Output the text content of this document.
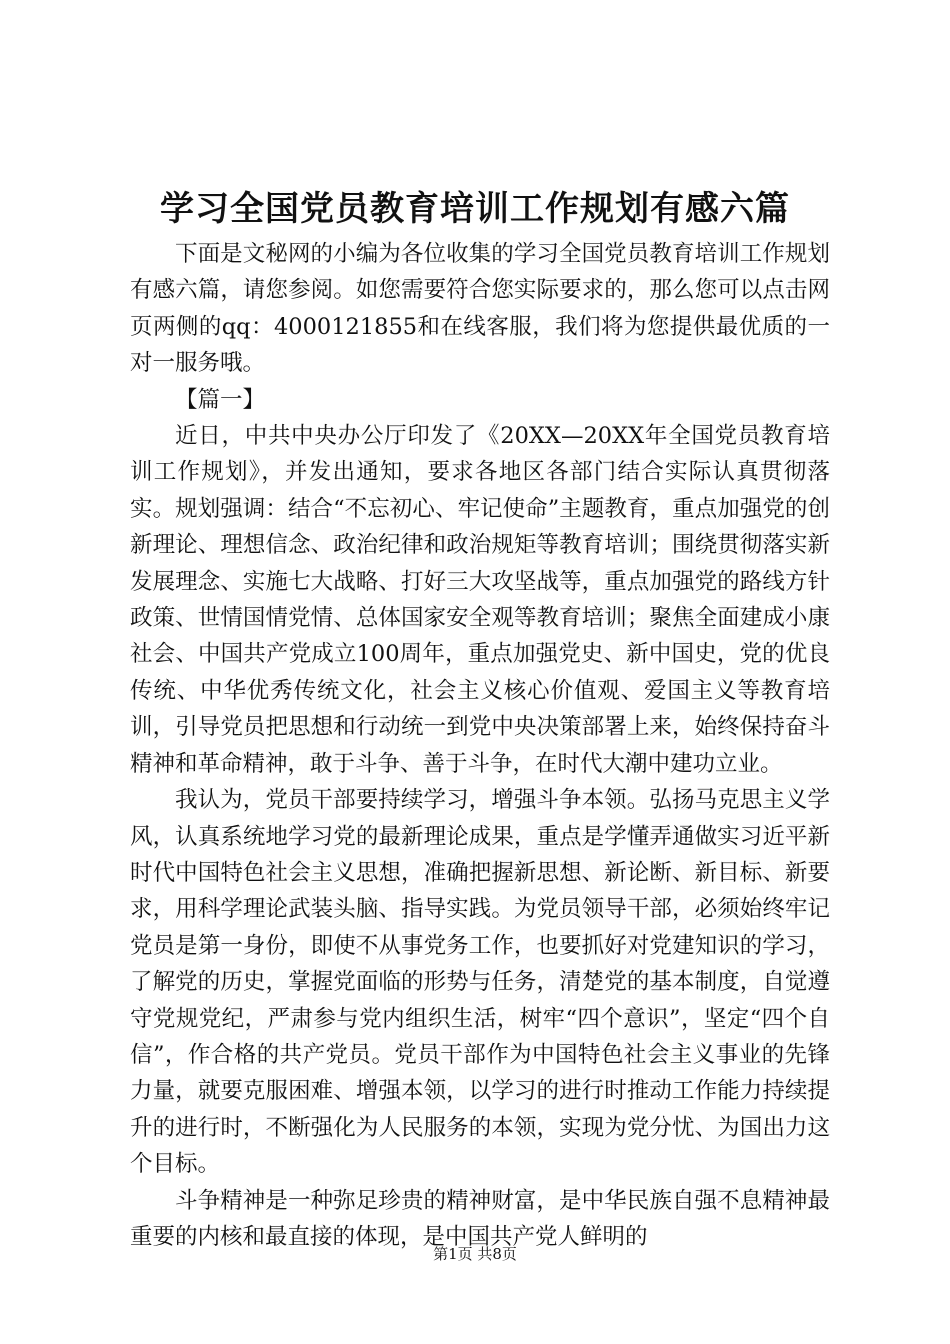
学习全国党员教育培训工作规划有感六篇

下面是文秘网的小编为各位收集的学习全国党员教育培训工作规划有感六篇，请您参阅。如您需要符合您实际要求的，那么您可以点击网页两侧的qq：4000121855和在线客服，我们将为您提供最优质的一对一服务哦。

【篇一】

近日，中共中央办公厅印发了《20XX—20XX年全国党员教育培训工作规划》，并发出通知，要求各地区各部门结合实际认真贯彻落实。规划强调：结合“不忘初心、牢记使命”主题教育，重点加强党的创新理论、理想信念、政治纪律和政治规矩等教育培训；围绕贯彻落实新发展理念、实施七大战略、打好三大攻坚战等，重点加强党的路线方针政策、世情国情党情、总体国家安全观等教育培训；聚焦全面建成小康社会、中国共产党成立100周年，重点加强党史、新中国史，党的优良传统、中华优秀传统文化，社会主义核心价值观、爱国主义等教育培训，引导党员把思想和行动统一到党中央决策部署上来，始终保持奋斗精神和革命精神，敢于斗争、善于斗争，在时代大潮中建功立业。

我认为，党员干部要持续学习，增强斗争本领。弘扬马克思主义学风，认真系统地学习党的最新理论成果，重点是学懂弄通做实习近平新时代中国特色社会主义思想，准确把握新思想、新论断、新目标、新要求，用科学理论武装头脑、指导实践。为党员领导干部，必须始终牢记党员是第一身份，即使不从事党务工作，也要抓好对党建知识的学习，了解党的历史，掌握党面临的形势与任务，清楚党的基本制度，自觉遵守党规党纪，严肃参与党内组织生活，树牢“四个意识”，坚定“四个自信”，作合格的共产党员。党员干部作为中国特色社会主义事业的先锋力量，就要克服困难、增强本领，以学习的进行时推动工作能力持续提升的进行时，不断强化为人民服务的本领，实现为党分忧、为国出力这个目标。

斗争精神是一种弥足珍贵的精神财富，是中华民族自强不息精神最重要的内核和最直接的体现，是中国共产党人鲜明的

第1页 共8页
